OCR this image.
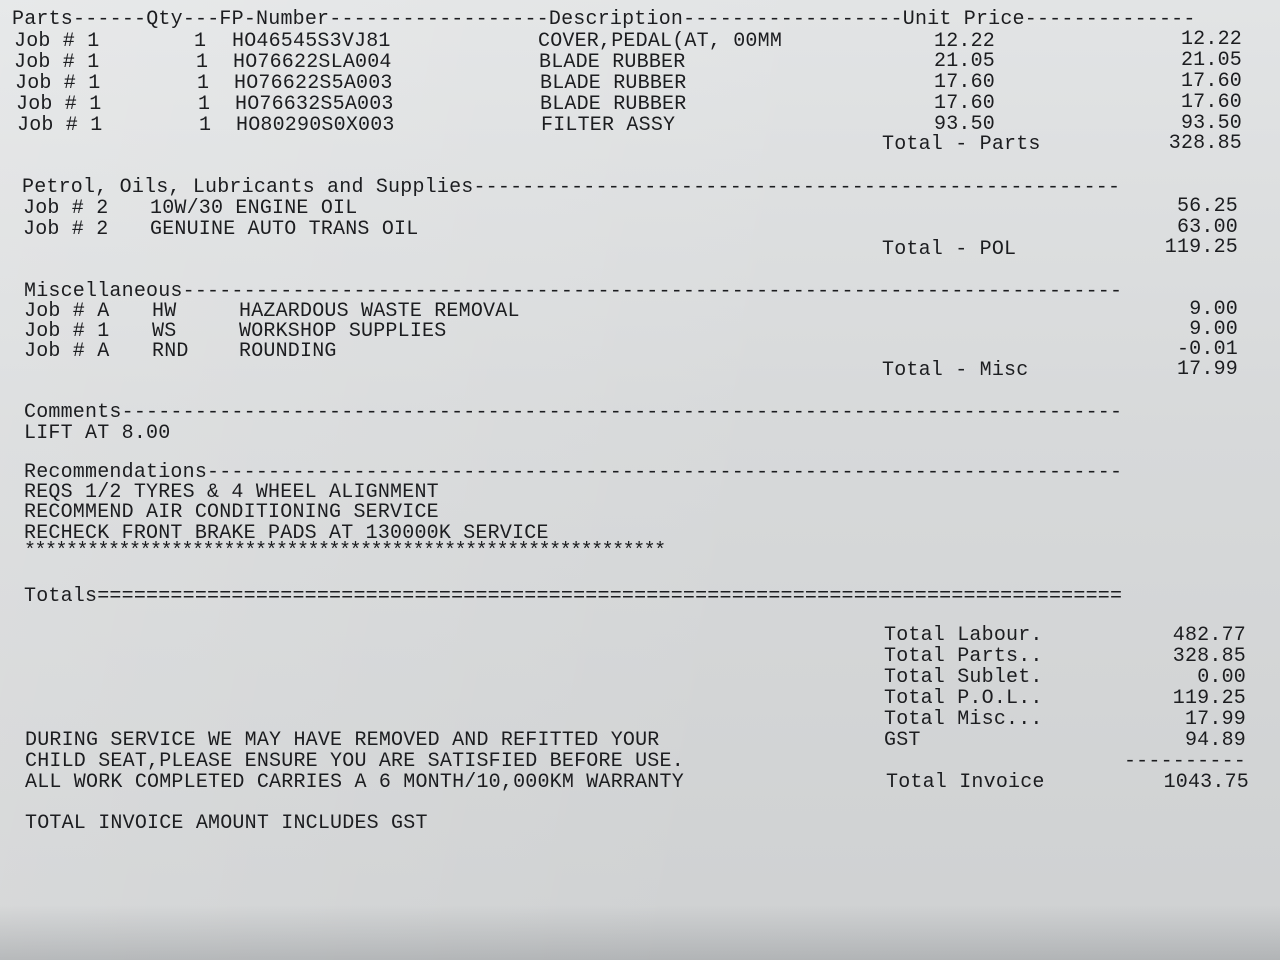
Parts------Qty---FP-Number------------------Description------------------Unit Price--------------
Job # 1	1 HO46545S3VJ81	COVER,PEDAL(AT, 00MM	12.22	12.22
Job # 1	1 HO76622SLA004	BLADE RUBBER	21.05	21.05
Job # 1	1 HO76622S5A003	BLADE RUBBER	17.60	17.60
Job # 1	1 HO76632S5A003	BLADE RUBBER	17.60	17.60
Job # 1	1 HO80290S0X003	FILTER ASSY	93.50	93.50
Total - Parts	328.85
Petrol, Oils, Lubricants and Supplies-----------------------------------------------------
Job # 2 10W/30 ENGINE OIL	56.25
Job # 2 GENUINE AUTO TRANS OIL	63.00
Total - POL	119.25
Miscellaneous-----------------------------------------------------------------------------
Job # A HW	HAZARDOUS WASTE REMOVAL	9.00
Job # 1 WS	WORKSHOP SUPPLIES	9.00
Job # A RND	ROUNDING	-0.01
Total - Misc	17.99
Comments----------------------------------------------------------------------------------
LIFT AT 8.00
Recommendations---------------------------------------------------------------------------
REQS 1/2 TYRES & 4 WHEEL ALIGNMENT
RECOMMEND AIR CONDITIONING SERVICE
RECHECK FRONT BRAKE PADS AT 130000K SERVICE
*************************************************************
Totals====================================================================================
Total Labour.	482.77
Total Parts..	328.85
Total Sublet.	0.00
Total P.O.L..	119.25
Total Misc...	17.99
GST	94.89
----------
Total Invoice	1043.75
DURING SERVICE WE MAY HAVE REMOVED AND REFITTED YOUR
CHILD SEAT,PLEASE ENSURE YOU ARE SATISFIED BEFORE USE.
ALL WORK COMPLETED CARRIES A 6 MONTH/10,000KM WARRANTY
TOTAL INVOICE AMOUNT INCLUDES GST
